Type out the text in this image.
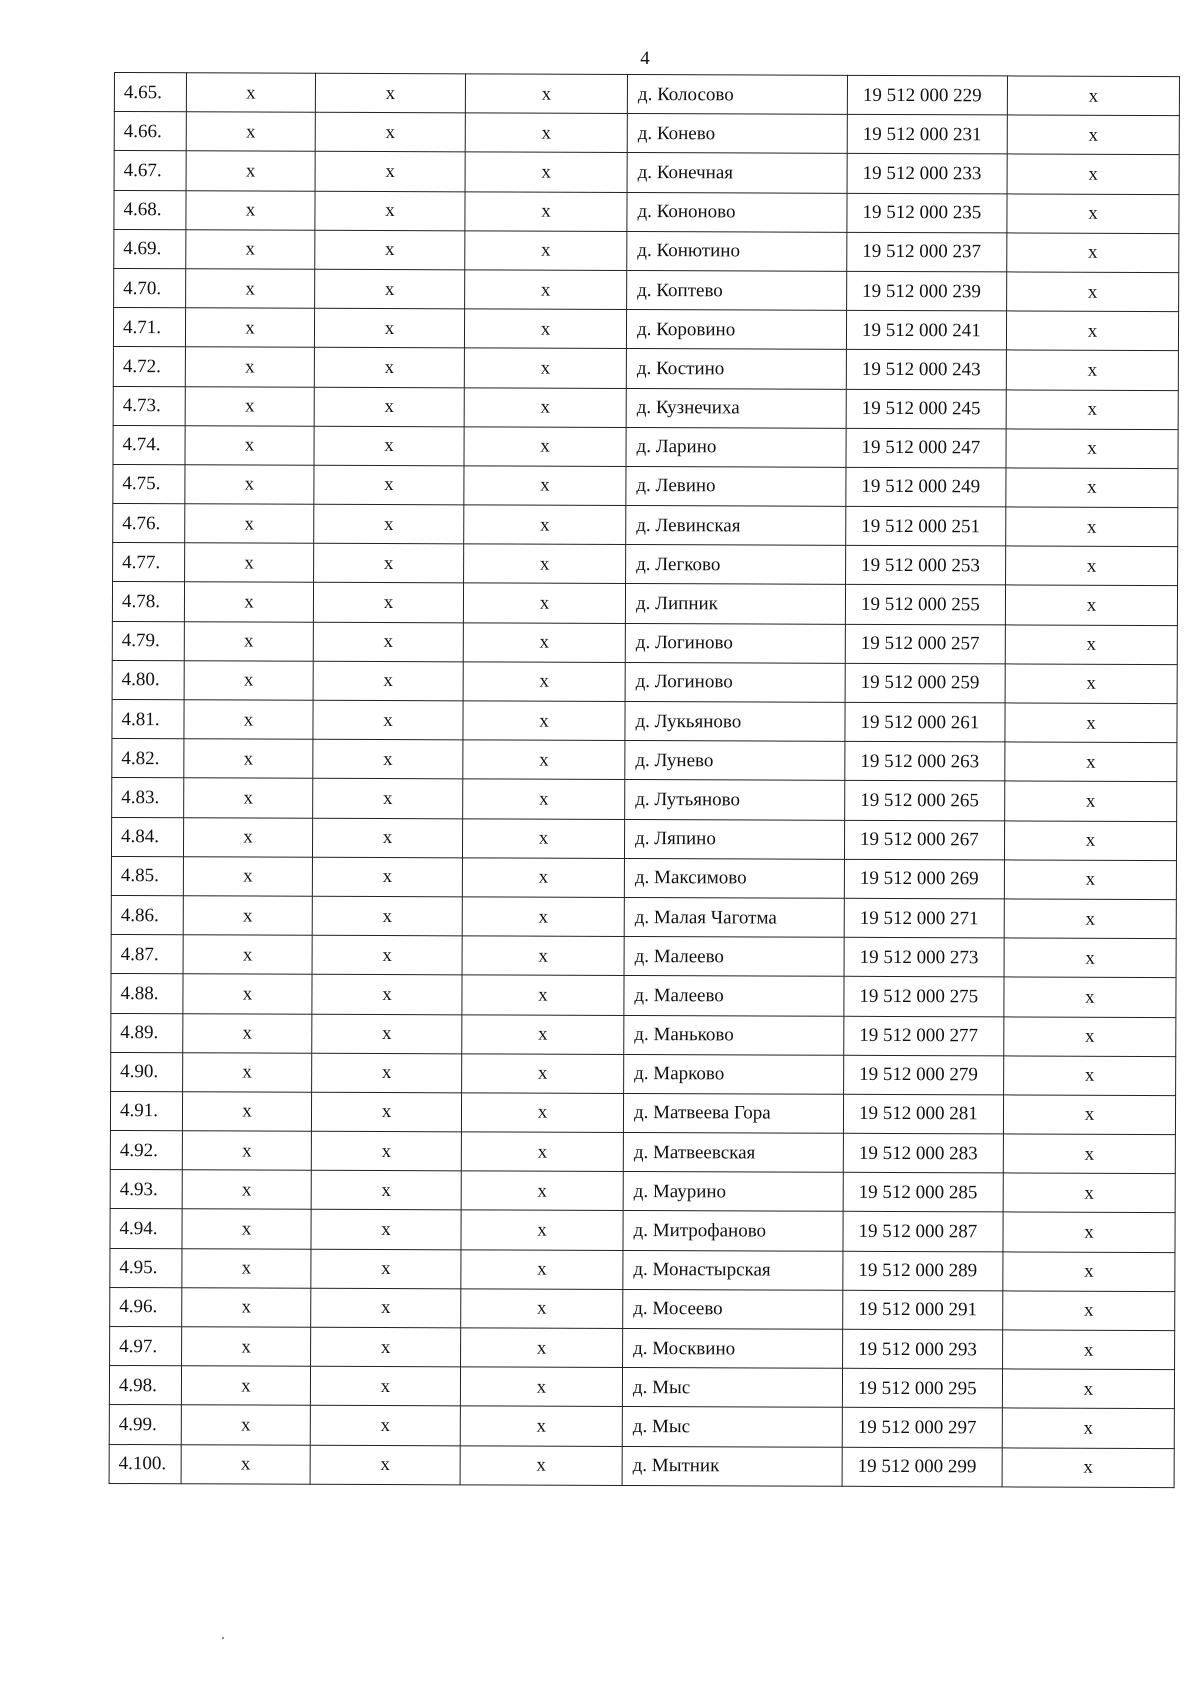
4
4.65.	x	x	x	д. Колосово	19 512 000 229	x
4.66.	x	x	x	д. Конево	19 512 000 231	x
4.67.	x	x	x	д. Конечная	19 512 000 233	x
4.68.	x	x	x	д. Кононово	19 512 000 235	x
4.69.	x	x	x	д. Конютино	19 512 000 237	x
4.70.	x	x	x	д. Коптево	19 512 000 239	x
4.71.	x	x	x	д. Коровино	19 512 000 241	x
4.72.	x	x	x	д. Костино	19 512 000 243	x
4.73.	x	x	x	д. Кузнечиха	19 512 000 245	x
4.74.	x	x	x	д. Ларино	19 512 000 247	x
4.75.	x	x	x	д. Левино	19 512 000 249	x
4.76.	x	x	x	д. Левинская	19 512 000 251	x
4.77.	x	x	x	д. Легково	19 512 000 253	x
4.78.	x	x	x	д. Липник	19 512 000 255	x
4.79.	x	x	x	д. Логиново	19 512 000 257	x
4.80.	x	x	x	д. Логиново	19 512 000 259	x
4.81.	x	x	x	д. Лукьяново	19 512 000 261	x
4.82.	x	x	x	д. Лунево	19 512 000 263	x
4.83.	x	x	x	д. Лутьяново	19 512 000 265	x
4.84.	x	x	x	д. Ляпино	19 512 000 267	x
4.85.	x	x	x	д. Максимово	19 512 000 269	x
4.86.	x	x	x	д. Малая Чаготма	19 512 000 271	x
4.87.	x	x	x	д. Малеево	19 512 000 273	x
4.88.	x	x	x	д. Малеево	19 512 000 275	x
4.89.	x	x	x	д. Маньково	19 512 000 277	x
4.90.	x	x	x	д. Марково	19 512 000 279	x
4.91.	x	x	x	д. Матвеева Гора	19 512 000 281	x
4.92.	x	x	x	д. Матвеевская	19 512 000 283	x
4.93.	x	x	x	д. Маурино	19 512 000 285	x
4.94.	x	x	x	д. Митрофаново	19 512 000 287	x
4.95.	x	x	x	д. Монастырская	19 512 000 289	x
4.96.	x	x	x	д. Мосеево	19 512 000 291	x
4.97.	x	x	x	д. Москвино	19 512 000 293	x
4.98.	x	x	x	д. Мыс	19 512 000 295	x
4.99.	x	x	x	д. Мыс	19 512 000 297	x
4.100.	x	x	x	д. Мытник	19 512 000 299	x
